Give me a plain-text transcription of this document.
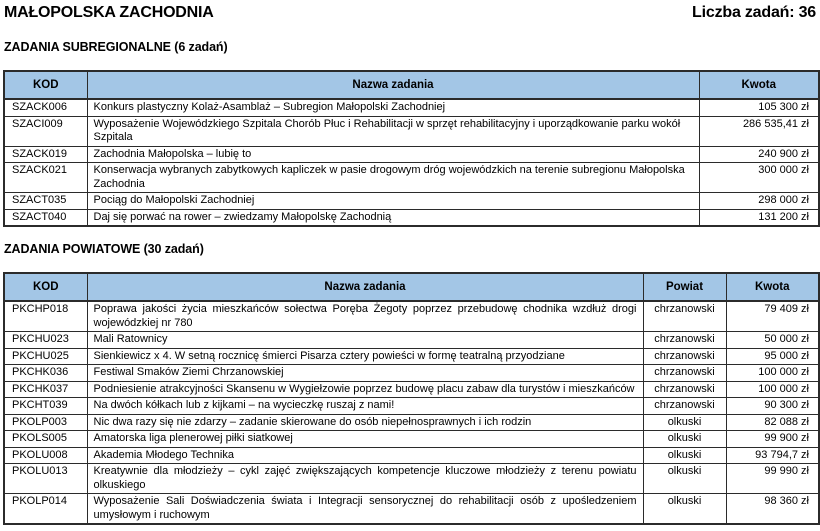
MAŁOPOLSKA ZACHODNIA	Liczba zadań: 36
ZADANIA SUBREGIONALNE (6 zadań)
KOD	Nazwa zadania	Kwota
SZACK006	Konkurs plastyczny Kolaż-Asamblaż – Subregion Małopolski Zachodniej	105 300 zł
SZACI009	Wyposażenie Wojewódzkiego Szpitala Chorób Płuc i Rehabilitacji w sprzęt rehabilitacyjny i uporządkowanie parku wokół Szpitala	286 535,41 zł
SZACK019	Zachodnia Małopolska – lubię to	240 900 zł
SZACK021	Konserwacja wybranych zabytkowych kapliczek w pasie drogowym dróg wojewódzkich na terenie subregionu Małopolska Zachodnia	300 000 zł
SZACT035	Pociąg do Małopolski Zachodniej	298 000 zł
SZACT040	Daj się porwać na rower – zwiedzamy Małopolskę Zachodnią	131 200 zł
ZADANIA POWIATOWE (30 zadań)
KOD	Nazwa zadania	Powiat	Kwota
PKCHP018	Poprawa jakości życia mieszkańców sołectwa Poręba Żegoty poprzez przebudowę chodnika wzdłuż drogi wojewódzkiej nr 780	chrzanowski	79 409 zł
PKCHU023	Mali Ratownicy	chrzanowski	50 000 zł
PKCHU025	Sienkiewicz x 4. W setną rocznicę śmierci Pisarza cztery powieści w formę teatralną przyodziane	chrzanowski	95 000 zł
PKCHK036	Festiwal Smaków Ziemi Chrzanowskiej	chrzanowski	100 000 zł
PKCHK037	Podniesienie atrakcyjności Skansenu w Wygiełzowie poprzez budowę placu zabaw dla turystów i mieszkańców	chrzanowski	100 000 zł
PKCHT039	Na dwóch kółkach lub z kijkami – na wycieczkę ruszaj z nami!	chrzanowski	90 300 zł
PKOLP003	Nic dwa razy się nie zdarzy – zadanie skierowane do osób niepełnosprawnych i ich rodzin	olkuski	82 088 zł
PKOLS005	Amatorska liga plenerowej piłki siatkowej	olkuski	99 900 zł
PKOLU008	Akademia Młodego Technika	olkuski	93 794,7 zł
PKOLU013	Kreatywnie dla młodzieży – cykl zajęć zwiększających kompetencje kluczowe młodzieży z terenu powiatu olkuskiego	olkuski	99 990 zł
PKOLP014	Wyposażenie Sali Doświadczenia świata i Integracji sensorycznej do rehabilitacji osób z upośledzeniem umysłowym i ruchowym	olkuski	98 360 zł
